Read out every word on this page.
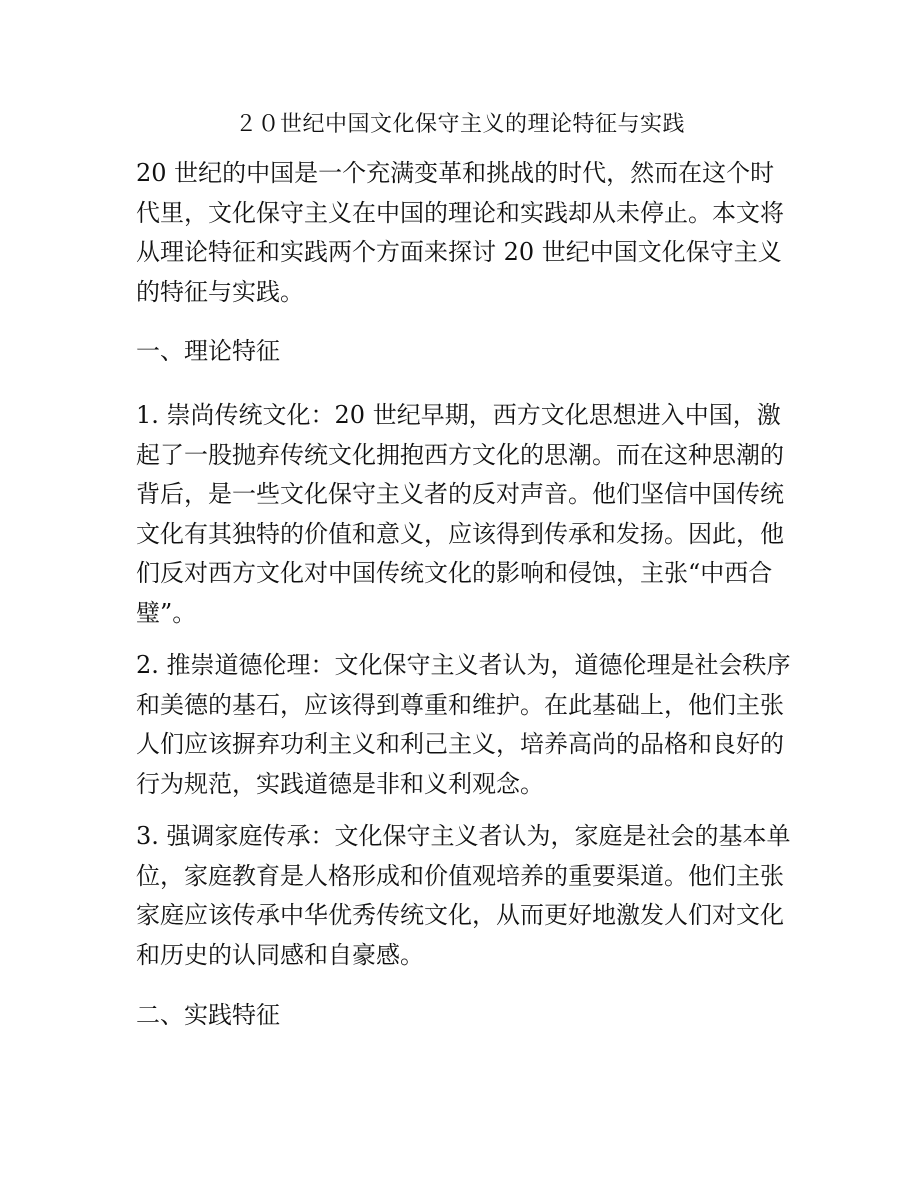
２０世纪中国文化保守主义的理论特征与实践
20 世纪的中国是一个充满变革和挑战的时代，然而在这个时
代里，文化保守主义在中国的理论和实践却从未停止。本文将
从理论特征和实践两个方面来探讨 20 世纪中国文化保守主义
的特征与实践。
一、理论特征
1. 崇尚传统文化：20 世纪早期，西方文化思想进入中国，激
起了一股抛弃传统文化拥抱西方文化的思潮。而在这种思潮的
背后，是一些文化保守主义者的反对声音。他们坚信中国传统
文化有其独特的价值和意义，应该得到传承和发扬。因此，他
们反对西方文化对中国传统文化的影响和侵蚀，主张“中西合
璧”。
2. 推崇道德伦理：文化保守主义者认为，道德伦理是社会秩序
和美德的基石，应该得到尊重和维护。在此基础上，他们主张
人们应该摒弃功利主义和利己主义，培养高尚的品格和良好的
行为规范，实践道德是非和义利观念。
3. 强调家庭传承：文化保守主义者认为，家庭是社会的基本单
位，家庭教育是人格形成和价值观培养的重要渠道。他们主张
家庭应该传承中华优秀传统文化，从而更好地激发人们对文化
和历史的认同感和自豪感。
二、实践特征
